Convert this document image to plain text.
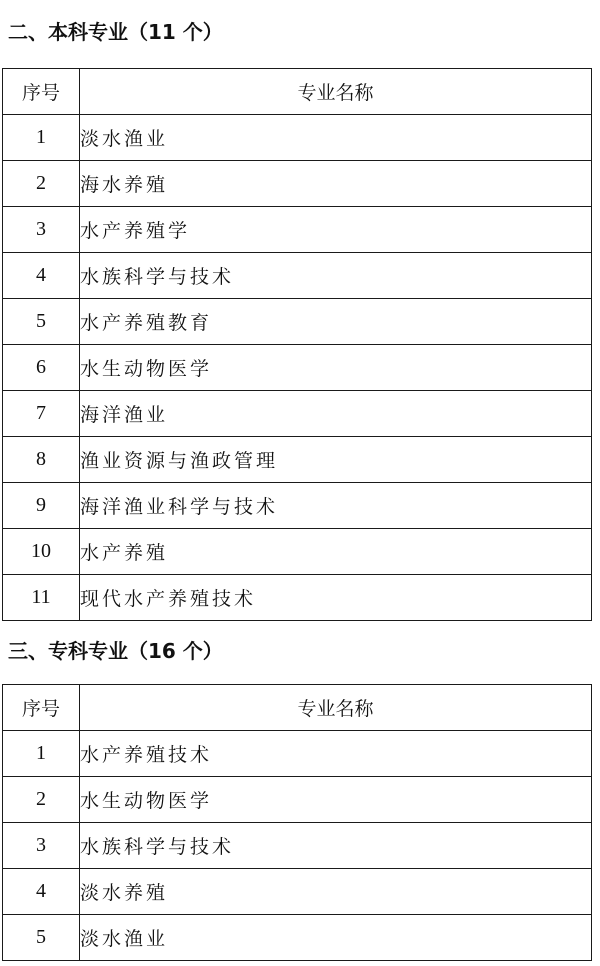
二、本科专业（11 个）
序号	专业名称
1	淡水渔业
2	海水养殖
3	水产养殖学
4	水族科学与技术
5	水产养殖教育
6	水生动物医学
7	海洋渔业
8	渔业资源与渔政管理
9	海洋渔业科学与技术
10	水产养殖
11	现代水产养殖技术
三、专科专业（16 个）
序号	专业名称
1	水产养殖技术
2	水生动物医学
3	水族科学与技术
4	淡水养殖
5	淡水渔业
